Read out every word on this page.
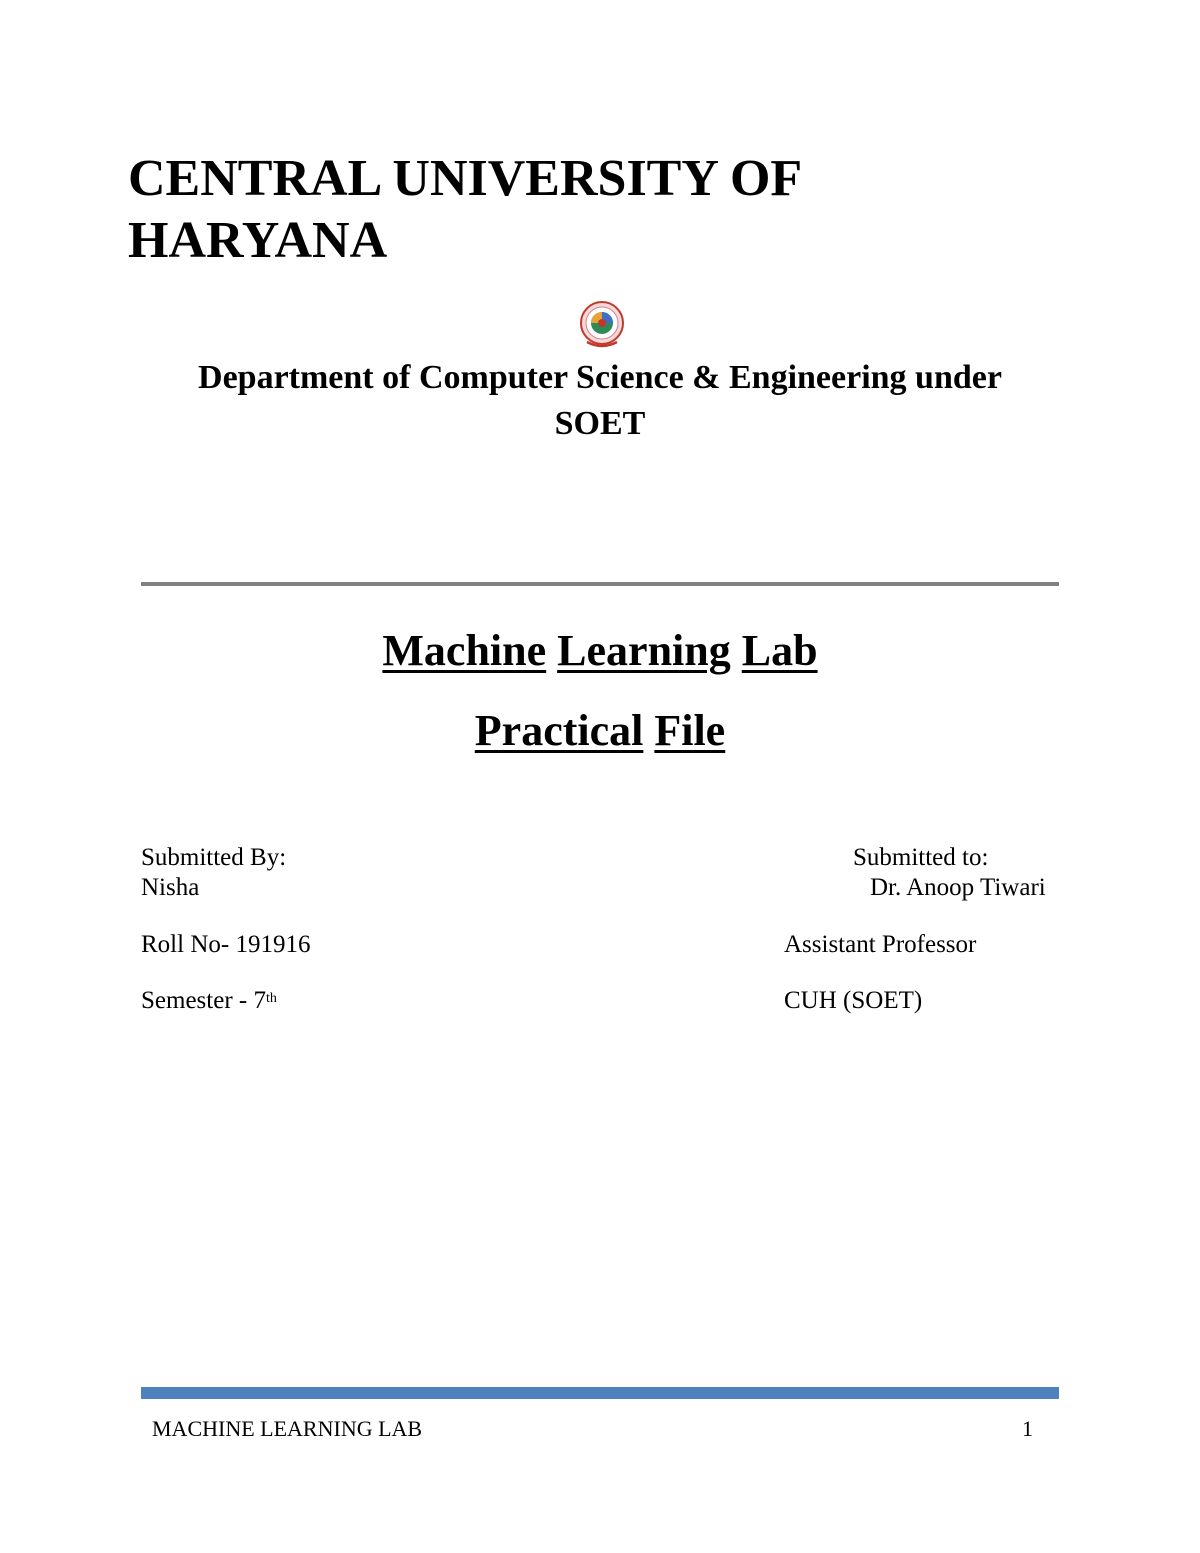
CENTRAL UNIVERSITY OF
HARYANA
Department of Computer Science & Engineering under
SOET
Machine Learning Lab
Practical File
Submitted By:
Nisha
Roll No- 191916
Semester - 7th
Submitted to:
Dr. Anoop Tiwari
Assistant Professor
CUH (SOET)
MACHINE LEARNING LAB	1
